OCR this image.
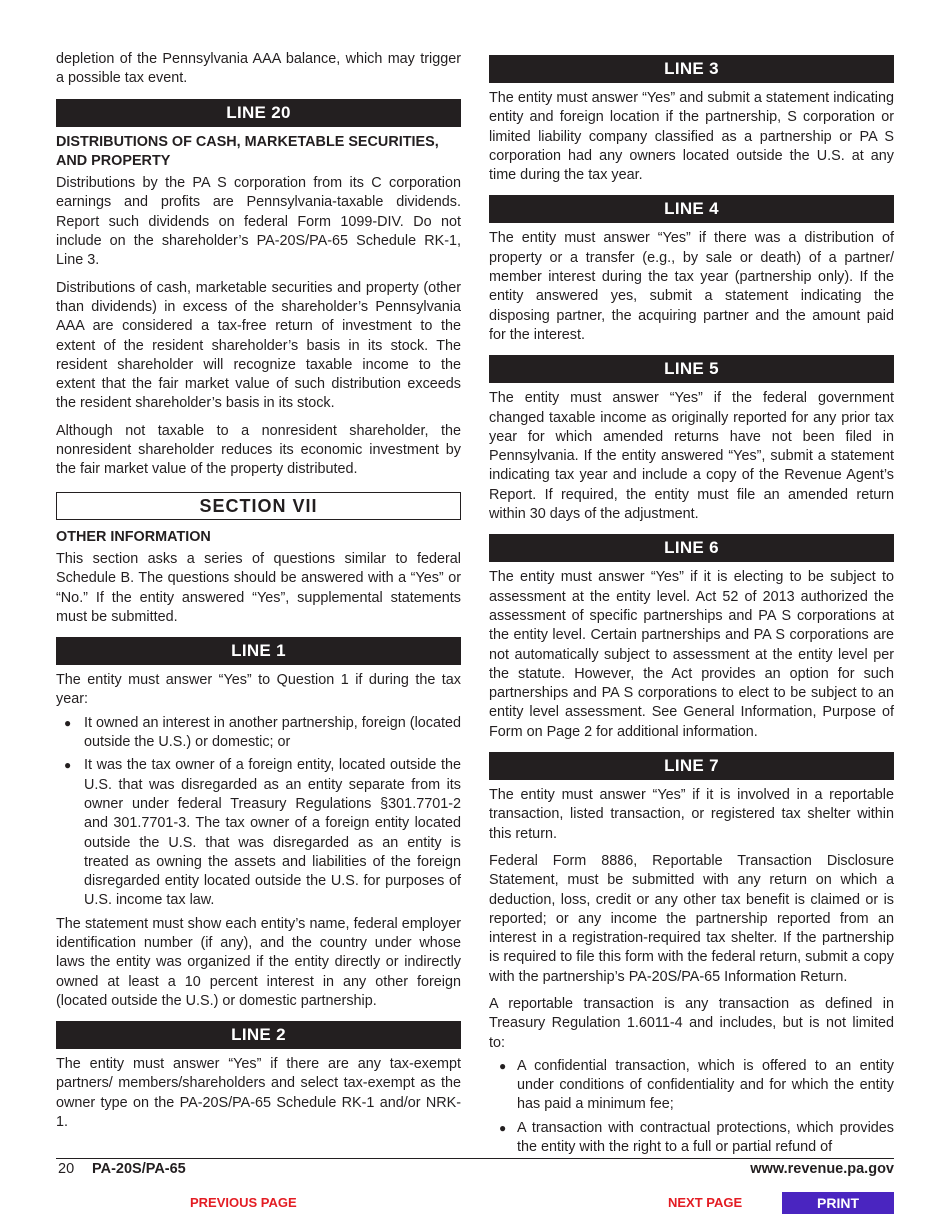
depletion of the Pennsylvania AAA balance, which may trigger a possible tax event.

LINE 20
DISTRIBUTIONS OF CASH, MARKETABLE SECURITIES, AND PROPERTY

Distributions by the PA S corporation from its C corporation earnings and profits are Pennsylvania-taxable dividends. Report such dividends on federal Form 1099-DIV. Do not include on the shareholder’s PA-20S/PA-65 Schedule RK-1, Line 3.

Distributions of cash, marketable securities and property (other than dividends) in excess of the shareholder’s Pennsylvania AAA are considered a tax-free return of investment to the extent of the resident shareholder’s basis in its stock. The resident shareholder will recognize taxable income to the extent that the fair market value of such distribution exceeds the resident shareholder’s basis in its stock.

Although not taxable to a nonresident shareholder, the nonresident shareholder reduces its economic investment by the fair market value of the property distributed.

SECTION VII
OTHER INFORMATION

This section asks a series of questions similar to federal Schedule B. The questions should be answered with a “Yes” or “No.” If the entity answered “Yes”, supplemental statements must be submitted.

LINE 1

The entity must answer “Yes” to Question 1 if during the tax year:

● It owned an interest in another partnership, foreign (located outside the U.S.) or domestic; or
● It was the tax owner of a foreign entity, located outside the U.S. that was disregarded as an entity separate from its owner under federal Treasury Regulations §301.7701-2 and 301.7701-3. The tax owner of a foreign entity located outside the U.S. that was disregarded as an entity is treated as owning the assets and liabilities of the foreign disregarded entity located outside the U.S. for purposes of U.S. income tax law.

The statement must show each entity’s name, federal employer identification number (if any), and the country under whose laws the entity was organized if the entity directly or indirectly owned at least a 10 percent interest in any other foreign (located outside the U.S.) or domestic partnership.

LINE 2

The entity must answer “Yes” if there are any tax-exempt partners/ members/shareholders and select tax-exempt as the owner type on the PA-20S/PA-65 Schedule RK-1 and/or NRK-1.

LINE 3

The entity must answer “Yes” and submit a statement indicating entity and foreign location if the partnership, S corporation or limited liability company classified as a partnership or PA S corporation had any owners located outside the U.S. at any time during the tax year.

LINE 4

The entity must answer “Yes” if there was a distribution of property or a transfer (e.g., by sale or death) of a partner/ member interest during the tax year (partnership only). If the entity answered yes, submit a statement indicating the disposing partner, the acquiring partner and the amount paid for the interest.

LINE 5

The entity must answer “Yes” if the federal government changed taxable income as originally reported for any prior tax year for which amended returns have not been filed in Pennsylvania. If the entity answered “Yes”, submit a statement indicating tax year and include a copy of the Revenue Agent’s Report. If required, the entity must file an amended return within 30 days of the adjustment.

LINE 6

The entity must answer “Yes” if it is electing to be subject to assessment at the entity level. Act 52 of 2013 authorized the assessment of specific partnerships and PA S corporations at the entity level. Certain partnerships and PA S corporations are not automatically subject to assessment at the entity level per the statute. However, the Act provides an option for such partnerships and PA S corporations to elect to be subject to an entity level assessment. See General Information, Purpose of Form on Page 2 for additional information.

LINE 7

The entity must answer “Yes” if it is involved in a reportable transaction, listed transaction, or registered tax shelter within this return.

Federal Form 8886, Reportable Transaction Disclosure Statement, must be submitted with any return on which a deduction, loss, credit or any other tax benefit is claimed or is reported; or any income the partnership reported from an interest in a registration-required tax shelter. If the partnership is required to file this form with the federal return, submit a copy with the partnership’s PA-20S/PA-65 Information Return.

A reportable transaction is any transaction as defined in Treasury Regulation 1.6011-4 and includes, but is not limited to:

● A confidential transaction, which is offered to an entity under conditions of confidentiality and for which the entity has paid a minimum fee;
● A transaction with contractual protections, which provides the entity with the right to a full or partial refund of
20 PA-20S/PA-65	www.revenue.pa.gov
PREVIOUS PAGE	NEXT PAGE	PRINT
